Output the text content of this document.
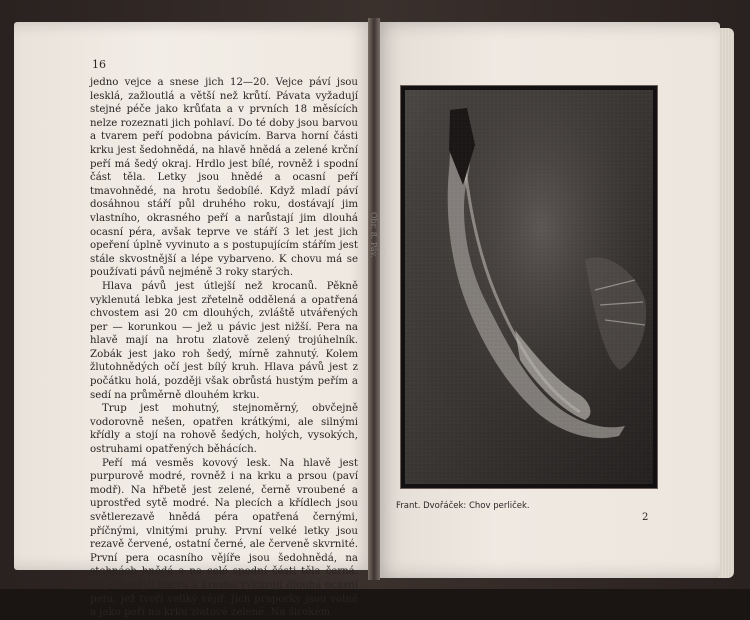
16

jedno vejce a snese jich 12—20. Vejce páví jsou lesklá, zažloutlá a větší než krůtí. Pávata vyžadují stejné péče jako krůťata a v prvních 18 měsících nelze rozeznati jich pohlaví. Do té doby jsou barvou a tvarem peří podobna pávicím. Barva horní části krku jest šedohnědá, na hlavě hnědá a zelené krční peří má šedý okraj. Hrdlo jest bílé, rovněž i spodní část těla. Letky jsou hnědé a ocasní peří tmavohnědé, na hrotu šedobílé. Když mladí páví dosáhnou stáří půl druhého roku, dostávají jim vlastního, okrasného peří a narůstají jim dlouhá ocasní péra, avšak teprve ve stáří 3 let jest jich opeření úplně vyvinuto a s postupujícím stářím jest stále skvostnější a lépe vybarveno. K chovu má se používati pávů nejméně 3 roky starých.

Hlava pávů jest útlejší než krocanů. Pěkně vyklenutá lebka jest zřetelně oddělená a opatřená chvostem asi 20 cm dlouhých, zvláště utvářených per — korunkou — jež u pávic jest nižší. Pera na hlavě mají na hrotu zlatově zelený trojúhelník. Zobák jest jako roh šedý, mírně zahnutý. Kolem žlutohnědých očí jest bílý kruh. Hlava pávů jest z počátku holá, později však obrůstá hustým peřím a sedí na průměrně dlouhém krku.

Trup jest mohutný, stejnoměrný, obvčejně vodorovně nešen, opatřen krátkými, ale silnými křídly a stojí na rohově šedých, holých, vysokých, ostruhami opatřených běhácích.

Peří má vesměs kovový lesk. Na hlavě jest purpurově modré, rovněž i na krku a prsou (paví modř). Na hřbetě jest zelené, černě vroubené a uprostřed sytě modré. Na plecích a křídlech jsou světlerezavě hnědá péra opatřená černými, příčnými, vlnitými pruhy. První velké letky jsou rezavě červené, ostatní černé, ale červeně skvrnité. První pera ocasního vějíře jsou šedohnědá, na stehnách hnědá a na celé spodní části těla černá. Nejkrásnější barvu a kresbu vykazují dlouhá ocasní pera, jež tvoří veliký vějíř. Jich praporky jsou volně a jako peří na krku zlatově zelené. Na širokém

Obr. 8. Páv.
Frant. Dvořáček: Chov perliček.
2
